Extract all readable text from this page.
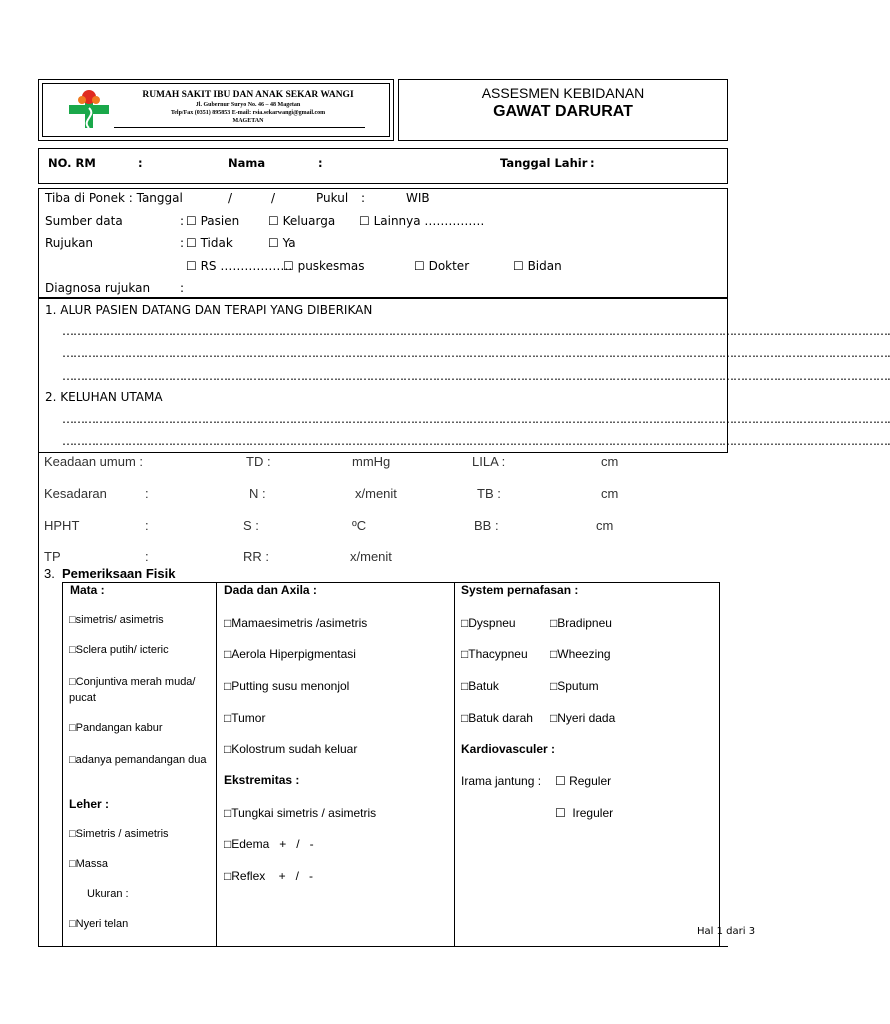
RUMAH SAKIT IBU DAN ANAK SEKAR WANGI
Jl. Gubernur Suryo No. 46 – 48 Magetan
Telp/Fax (0351) 895853 E-mail: rsia.sekarwangi@gmail.com
MAGETAN
ASSESMEN KEBIDANAN
GAWAT DARURAT
NO. RM	:	Nama	:	Tanggal Lahir :
Tiba di Ponek : Tanggal	/	/	Pukul :	WIB
Sumber data	: ☐ Pasien ☐ Keluarga ☐ Lainnya ……………
Rujukan	: ☐ Tidak	☐ Ya
☐ RS ………………
☐ puskesmas	☐ Dokter	☐ Bidan
Diagnosa rujukan :
1. ALUR PASIEN DATANG DAN TERAPI YANG DIBERIKAN
……………………………………………………………………………………………………………………………………………………………………………………………………….
……………………………………………………………………………………………………………………………………………………………………………………………………….
……………………………………………………………………………………………………………………………………………………………………………………………………….
2. KELUHAN UTAMA
……………………………………………………………………………………………………………………………………………………………………………………………………….
……………………………………………………………………………………………………………………………………………………………………………………………………….
Keadaan umum :	TD :	mmHg	LILA :	cm
Kesadaran	:	N :	x/menit	TB :	cm
HPHT	:	S :	ºC	BB :	cm
TP	:	RR :	x/menit
3. Pemeriksaan Fisik
Mata :
□simetris/ asimetris
□Sclera putih/ icteric
□Conjuntiva merah muda/ pucat
□Pandangan kabur
□adanya pemandangan dua
Leher :
□Simetris / asimetris
□Massa
Ukuran :
□Nyeri telan
Dada dan Axila :
□Mamaesimetris /asimetris
□Aerola Hiperpigmentasi
□Putting susu menonjol
□Tumor
□Kolostrum sudah keluar
Ekstremitas :
□Tungkai simetris / asimetris
□Edema   +   /   -
□Reflex    +   /   -
System pernafasan :
□Dyspneu	□Bradipneu
□Thacypneu □Wheezing
□Batuk	□Sputum
□Batuk darah □Nyeri dada
Kardiovasculer :
Irama jantung : ☐ Reguler
☐  Ireguler
Hal 1 dari 3
